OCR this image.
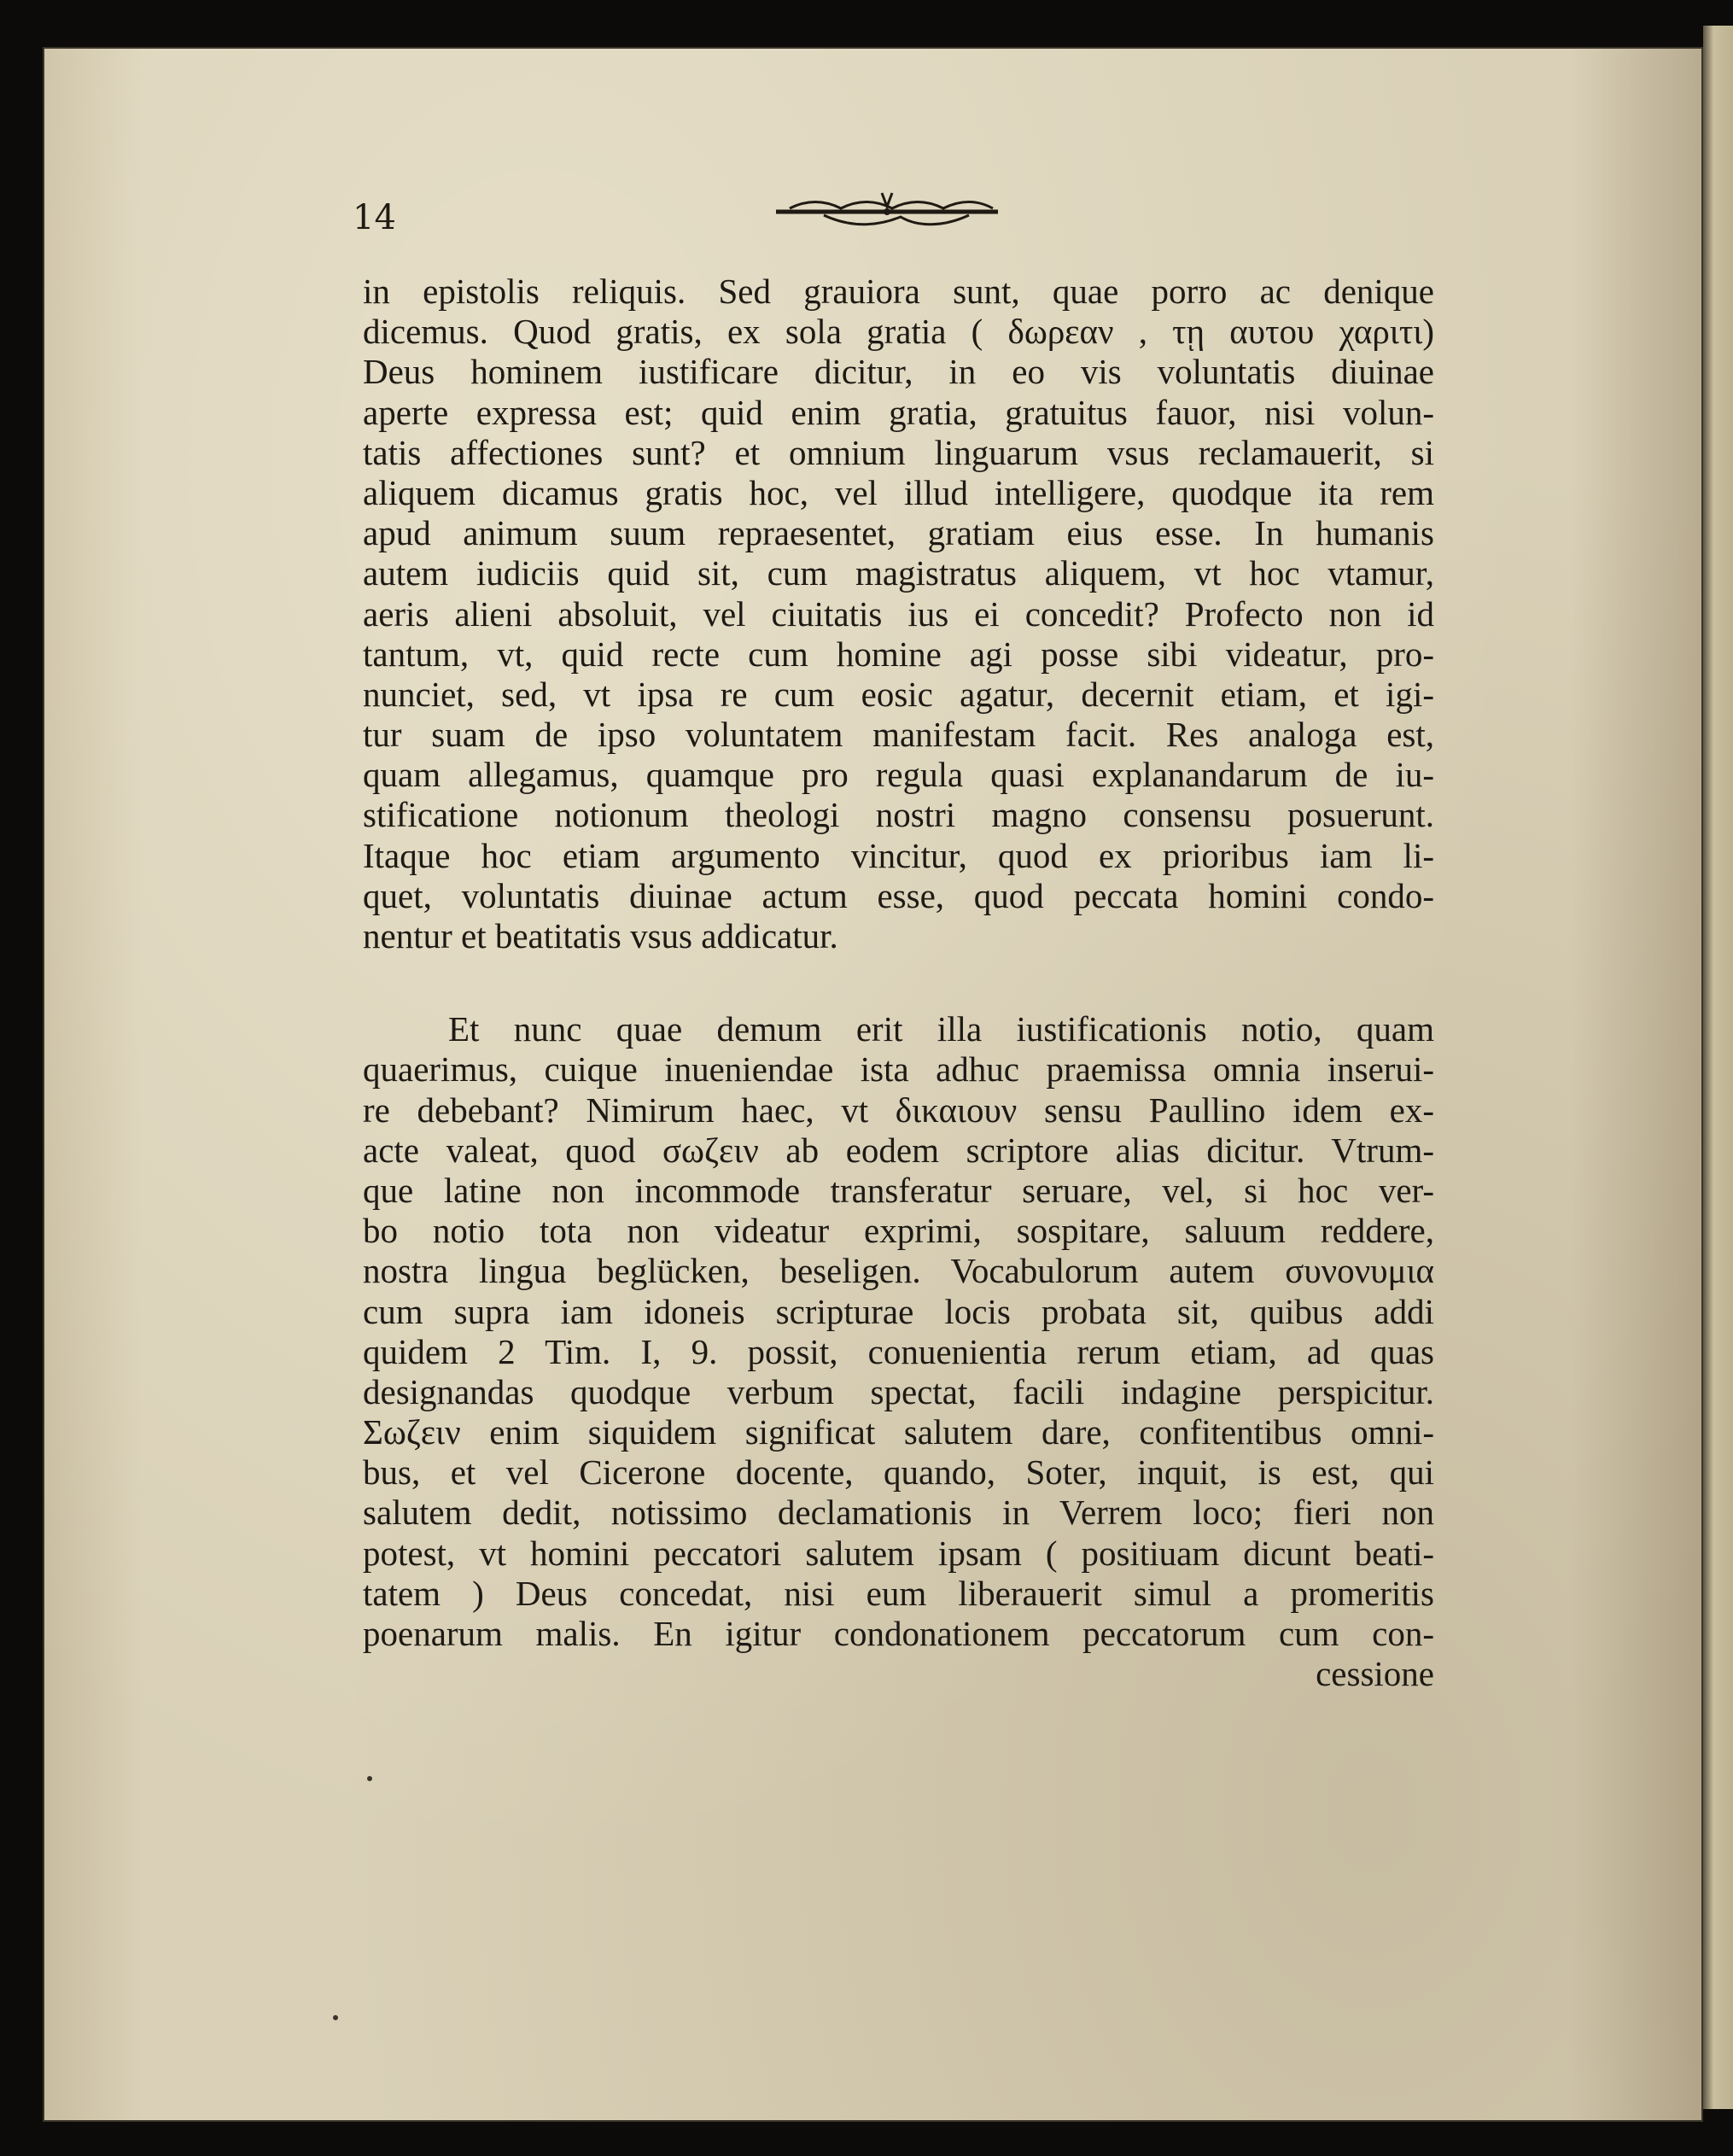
14
in epistolis reliquis. Sed grauiora sunt, quae porro ac denique
dicemus. Quod gratis, ex sola gratia ( δωρεαν , τῃ αυτου χαριτι)
Deus hominem iustificare dicitur, in eo vis voluntatis diuinae
aperte expressa est; quid enim gratia, gratuitus fauor, nisi volun-
tatis affectiones sunt? et omnium linguarum vsus reclamauerit, si
aliquem dicamus gratis hoc, vel illud intelligere, quodque ita rem
apud animum suum repraesentet, gratiam eius esse. In humanis
autem iudiciis quid sit, cum magistratus aliquem, vt hoc vtamur,
aeris alieni absoluit, vel ciuitatis ius ei concedit? Profecto non id
tantum, vt, quid recte cum homine agi posse sibi videatur, pro-
nunciet, sed, vt ipsa re cum eosic agatur, decernit etiam, et igi-
tur suam de ipso voluntatem manifestam facit. Res analoga est,
quam allegamus, quamque pro regula quasi explanandarum de iu-
stificatione notionum theologi nostri magno consensu posuerunt.
Itaque hoc etiam argumento vincitur, quod ex prioribus iam li-
quet, voluntatis diuinae actum esse, quod peccata homini condo-
nentur et beatitatis vsus addicatur.
Et nunc quae demum erit illa iustificationis notio, quam
quaerimus, cuique inueniendae ista adhuc praemissa omnia inserui-
re debebant? Nimirum haec, vt δικαιουν sensu Paullino idem ex-
acte valeat, quod σωζειν ab eodem scriptore alias dicitur. Vtrum-
que latine non incommode transferatur seruare, vel, si hoc ver-
bo notio tota non videatur exprimi, sospitare, saluum reddere,
nostra lingua beglücken, beseligen. Vocabulorum autem συνονυμια
cum supra iam idoneis scripturae locis probata sit, quibus addi
quidem 2 Tim. I, 9. possit, conuenientia rerum etiam, ad quas
designandas quodque verbum spectat, facili indagine perspicitur.
Σωζειν enim siquidem significat salutem dare, confitentibus omni-
bus, et vel Cicerone docente, quando, Soter, inquit, is est, qui
salutem dedit, notissimo declamationis in Verrem loco; fieri non
potest, vt homini peccatori salutem ipsam ( positiuam dicunt beati-
tatem ) Deus concedat, nisi eum liberauerit simul a promeritis
poenarum malis. En igitur condonationem peccatorum cum con-
cessione
